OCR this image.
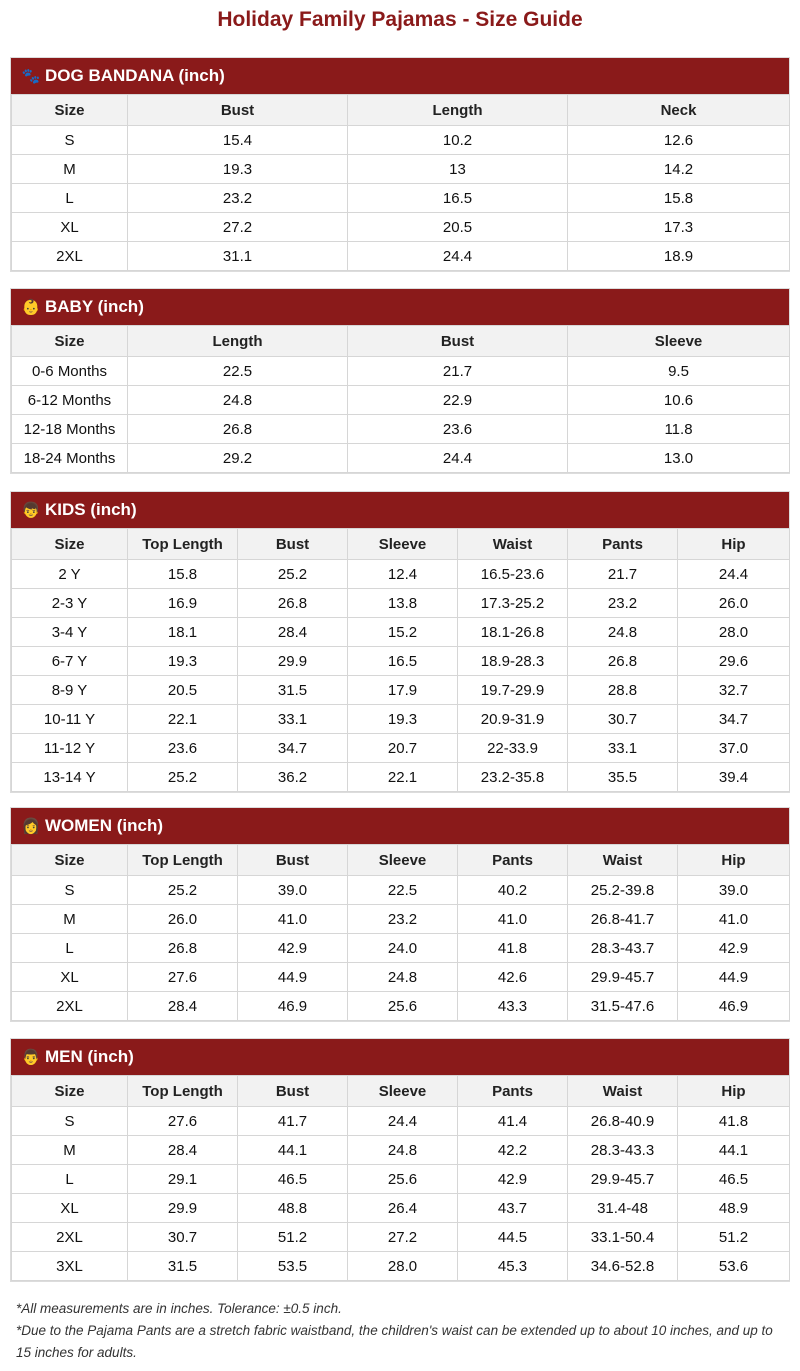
Holiday Family Pajamas - Size Guide
🐾 DOG BANDANA (inch)
Size	Bust	Length	Neck
S	15.4	10.2	12.6
M	19.3	13	14.2
L	23.2	16.5	15.8
XL	27.2	20.5	17.3
2XL	31.1	24.4	18.9
👶 BABY (inch)
Size	Length	Bust	Sleeve
0-6 Months	22.5	21.7	9.5
6-12 Months	24.8	22.9	10.6
12-18 Months	26.8	23.6	11.8
18-24 Months	29.2	24.4	13.0
👦 KIDS (inch)
Size	Top Length	Bust	Sleeve	Waist	Pants	Hip
2 Y	15.8	25.2	12.4	16.5-23.6	21.7	24.4
2-3 Y	16.9	26.8	13.8	17.3-25.2	23.2	26.0
3-4 Y	18.1	28.4	15.2	18.1-26.8	24.8	28.0
6-7 Y	19.3	29.9	16.5	18.9-28.3	26.8	29.6
8-9 Y	20.5	31.5	17.9	19.7-29.9	28.8	32.7
10-11 Y	22.1	33.1	19.3	20.9-31.9	30.7	34.7
11-12 Y	23.6	34.7	20.7	22-33.9	33.1	37.0
13-14 Y	25.2	36.2	22.1	23.2-35.8	35.5	39.4
👩 WOMEN (inch)
Size	Top Length	Bust	Sleeve	Pants	Waist	Hip
S	25.2	39.0	22.5	40.2	25.2-39.8	39.0
M	26.0	41.0	23.2	41.0	26.8-41.7	41.0
L	26.8	42.9	24.0	41.8	28.3-43.7	42.9
XL	27.6	44.9	24.8	42.6	29.9-45.7	44.9
2XL	28.4	46.9	25.6	43.3	31.5-47.6	46.9
👨 MEN (inch)
Size	Top Length	Bust	Sleeve	Pants	Waist	Hip
S	27.6	41.7	24.4	41.4	26.8-40.9	41.8
M	28.4	44.1	24.8	42.2	28.3-43.3	44.1
L	29.1	46.5	25.6	42.9	29.9-45.7	46.5
XL	29.9	48.8	26.4	43.7	31.4-48	48.9
2XL	30.7	51.2	27.2	44.5	33.1-50.4	51.2
3XL	31.5	53.5	28.0	45.3	34.6-52.8	53.6

*All measurements are in inches. Tolerance: ±0.5 inch.

*Due to the Pajama Pants are a stretch fabric waistband, the children's waist can be extended up to about 10 inches, and up to 15 inches for adults.
